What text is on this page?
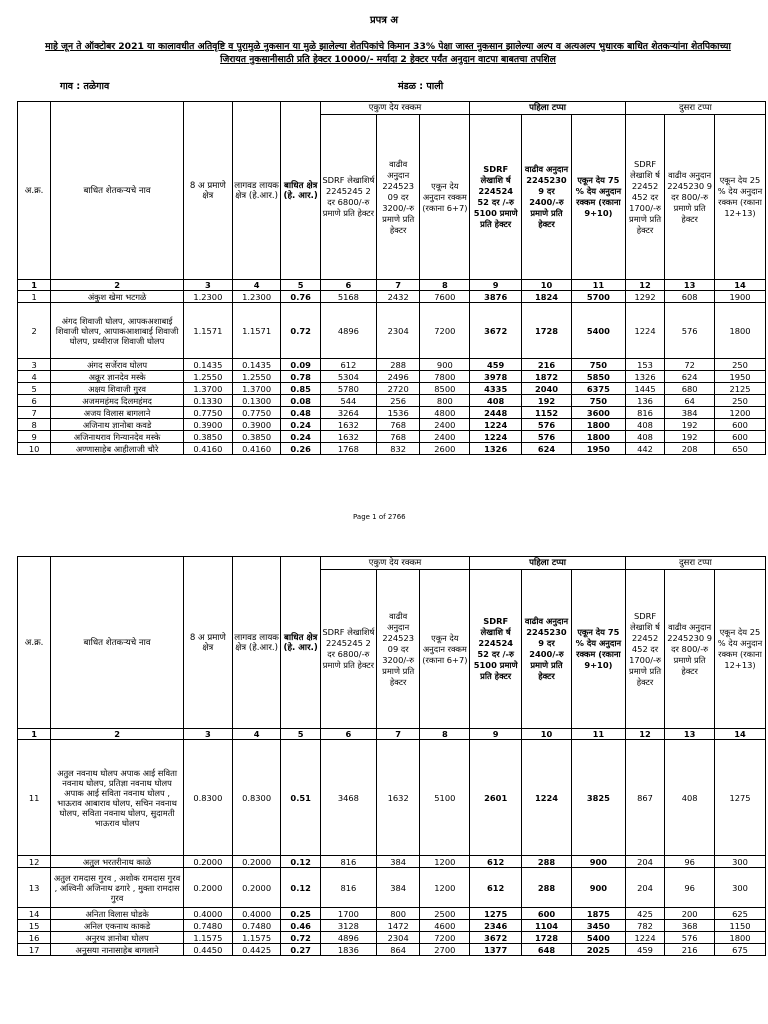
प्रपत्र अ
माहे जून ते ऑक्टोबर 2021 या कालावधीत अतिवृष्टि व पुरामुळे नुकसान या मुळे झालेल्या शेतपिकांचे किमान 33% पेक्षा जास्त नुकसान झालेल्या अल्प व अत्यअल्प भुधारक बाधित शेतकऱ्यांना शेतपिकाच्या जिरायत नुकसानीसाठी प्रति हेक्टर 10000/- मर्यादा 2 हेक्टर पर्यंत अनुदान वाटपा बाबतचा तपशिल
गाव : तळेगाव	मंडळ : पाली
अ.क्र.	बाधित शेतकऱ्यचे नाव	8 अ प्रमाणे क्षेत्र	लागवड लायक क्षेत्र (हे.आर.)	बाधित क्षेत्र (हे. आर.)	एकुण देय रक्कम			पहिला टप्पा			दुसरा टप्पा		
					SDRF लेखाशिर्ष 2245245 2 दर 6800/-रु प्रमाणे प्रति हेक्टर	वाढीव अनुदान 224523 09 दर 3200/-रु प्रमाणे प्रति हेक्टर	एकून देय अनुदान रक्कम (रकाना 6+7)	SDRF लेखाशि र्ष 224524 52 दर /-रु 5100 प्रमाणे प्रति हेक्टर	वाढीव अनुदान 2245230 9 दर 2400/-रु प्रमाणे प्रति हेक्टर	एकून देय 75 % देय अनुदान रक्कम (रकाना 9+10)	SDRF लेखाशि र्ष 22452 452 दर 1700/-रु प्रमाणे प्रति हेक्टर	वाढीव अनुदान 2245230 9 दर 800/-रु प्रमाणे प्रति हेक्टर	एकून देय 25 % देय अनुदान रक्कम (रकाना 12+13)
1	2	3	4	5	6	7	8	9	10	11	12	13	14
1	अंकुश खेमा भटगळे	1.2300	1.2300	0.76	5168	2432	7600	3876	1824	5700	1292	608	1900
2	अंगद शिवाजी घोलप, आपकअशाबाई शिवाजी घोलप, आपाकआशाबाई शिवाजी घोलप, प्रथ्वीराज शिवाजी घोलप	1.1571	1.1571	0.72	4896	2304	7200	3672	1728	5400	1224	576	1800
3	अंगद सर्जेराव घोलप	0.1435	0.1435	0.09	612	288	900	459	216	750	153	72	250
4	अक्रूर ज्ञानदेव मस्के	1.2550	1.2550	0.78	5304	2496	7800	3978	1872	5850	1326	624	1950
5	अक्षय शिवाजी गुरव	1.3700	1.3700	0.85	5780	2720	8500	4335	2040	6375	1445	680	2125
6	अजममहंमद दिलमहंमद	0.1330	0.1300	0.08	544	256	800	408	192	750	136	64	250
7	अजय विलास बागलाने	0.7750	0.7750	0.48	3264	1536	4800	2448	1152	3600	816	384	1200
8	अजिनाथ ज्ञानोबा कवडे	0.3900	0.3900	0.24	1632	768	2400	1224	576	1800	408	192	600
9	अजिनाथराव गिन्यानदेव मस्के	0.3850	0.3850	0.24	1632	768	2400	1224	576	1800	408	192	600
10	अण्णासाहेब आहीलाजी चौरे	0.4160	0.4160	0.26	1768	832	2600	1326	624	1950	442	208	650
Page 1 of 2766
अ.क्र.	बाधित शेतकऱ्यचे नाव	8 अ प्रमाणे क्षेत्र	लागवड लायक क्षेत्र (हे.आर.)	बाधित क्षेत्र (हे. आर.)	एकुण देय रक्कम			पहिला टप्पा			दुसरा टप्पा		
					SDRF लेखाशिर्ष 2245245 2 दर 6800/-रु प्रमाणे प्रति हेक्टर	वाढीव अनुदान 224523 09 दर 3200/-रु प्रमाणे प्रति हेक्टर	एकून देय अनुदान रक्कम (रकाना 6+7)	SDRF लेखाशि र्ष 224524 52 दर /-रु 5100 प्रमाणे प्रति हेक्टर	वाढीव अनुदान 2245230 9 दर 2400/-रु प्रमाणे प्रति हेक्टर	एकून देय 75 % देय अनुदान रक्कम (रकाना 9+10)	SDRF लेखाशि र्ष 22452 452 दर 1700/-रु प्रमाणे प्रति हेक्टर	वाढीव अनुदान 2245230 9 दर 800/-रु प्रमाणे प्रति हेक्टर	एकून देय 25 % देय अनुदान रक्कम (रकाना 12+13)
1	2	3	4	5	6	7	8	9	10	11	12	13	14
11	अतुल नवनाथ घोलप अपाक आई सविता नवनाथ घोलप, प्रतिज्ञा नवनाथ घोलप अपाक आई सविता नवनाथ घोलप , भाऊराव आबाराव घोलप, सचिन नवनाथ घोलप, सविता नवनाथ घोलप, सुदामती भाऊराव घोलप	0.8300	0.8300	0.51	3468	1632	5100	2601	1224	3825	867	408	1275
12	अतुल भरतरीनाथ काळे	0.2000	0.2000	0.12	816	384	1200	612	288	900	204	96	300
13	अतुल रामदास गुरव , अशोक रामदास गुरव , अश्विनी अजिनाथ ढगारे , मुक्ता रामदास गुरव	0.2000	0.2000	0.12	816	384	1200	612	288	900	204	96	300
14	अनिता विलास घोडके	0.4000	0.4000	0.25	1700	800	2500	1275	600	1875	425	200	625
15	अनिल एकनाथ काकडे	0.7480	0.7480	0.46	3128	1472	4600	2346	1104	3450	782	368	1150
16	अनुरथ ज्ञानोबा घोलप	1.1575	1.1575	0.72	4896	2304	7200	3672	1728	5400	1224	576	1800
17	अनुसया नानासाहेब बागलाने	0.4450	0.4425	0.27	1836	864	2700	1377	648	2025	459	216	675
